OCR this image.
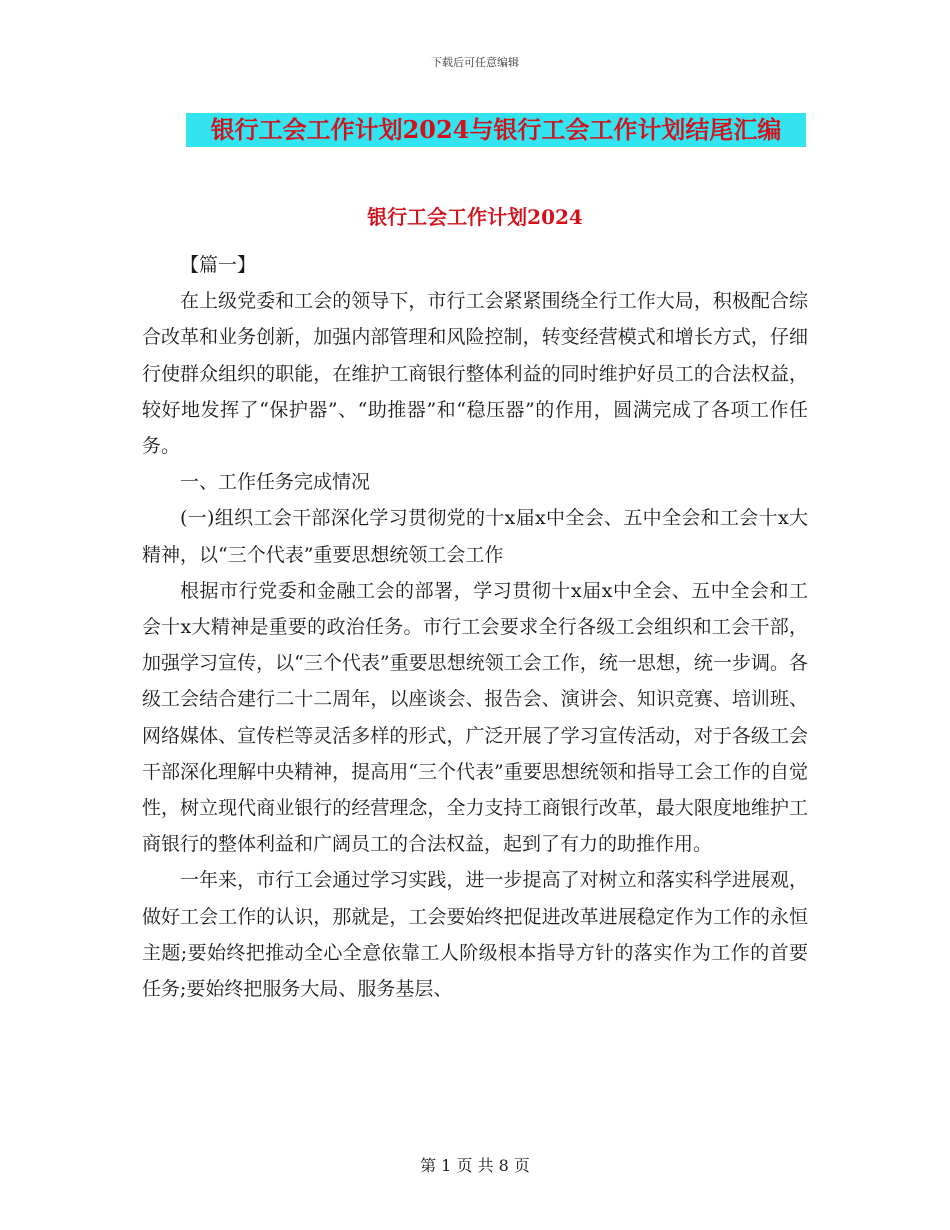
下载后可任意编辑
银行工会工作计划2024与银行工会工作计划结尾汇编
银行工会工作计划2024

【篇一】

在上级党委和工会的领导下，市行工会紧紧围绕全行工作大局，积极配合综合改革和业务创新，加强内部管理和风险控制，转变经营模式和增长方式，仔细行使群众组织的职能，在维护工商银行整体利益的同时维护好员工的合法权益，较好地发挥了“保护器”、“助推器”和“稳压器”的作用，圆满完成了各项工作任务。

一、工作任务完成情况

(一)组织工会干部深化学习贯彻党的十x届x中全会、五中全会和工会十x大精神，以“三个代表”重要思想统领工会工作

根据市行党委和金融工会的部署，学习贯彻十x届x中全会、五中全会和工会十x大精神是重要的政治任务。市行工会要求全行各级工会组织和工会干部，加强学习宣传，以“三个代表”重要思想统领工会工作，统一思想，统一步调。各级工会结合建行二十二周年，以座谈会、报告会、演讲会、知识竞赛、培训班、网络媒体、宣传栏等灵活多样的形式，广泛开展了学习宣传活动，对于各级工会干部深化理解中央精神，提高用“三个代表”重要思想统领和指导工会工作的自觉性，树立现代商业银行的经营理念，全力支持工商银行改革，最大限度地维护工商银行的整体利益和广阔员工的合法权益，起到了有力的助推作用。

一年来，市行工会通过学习实践，进一步提高了对树立和落实科学进展观，做好工会工作的认识，那就是，工会要始终把促进改革进展稳定作为工作的永恒主题;要始终把推动全心全意依靠工人阶级根本指导方针的落实作为工作的首要任务;要始终把服务大局、服务基层、

第 1 页 共 8 页
